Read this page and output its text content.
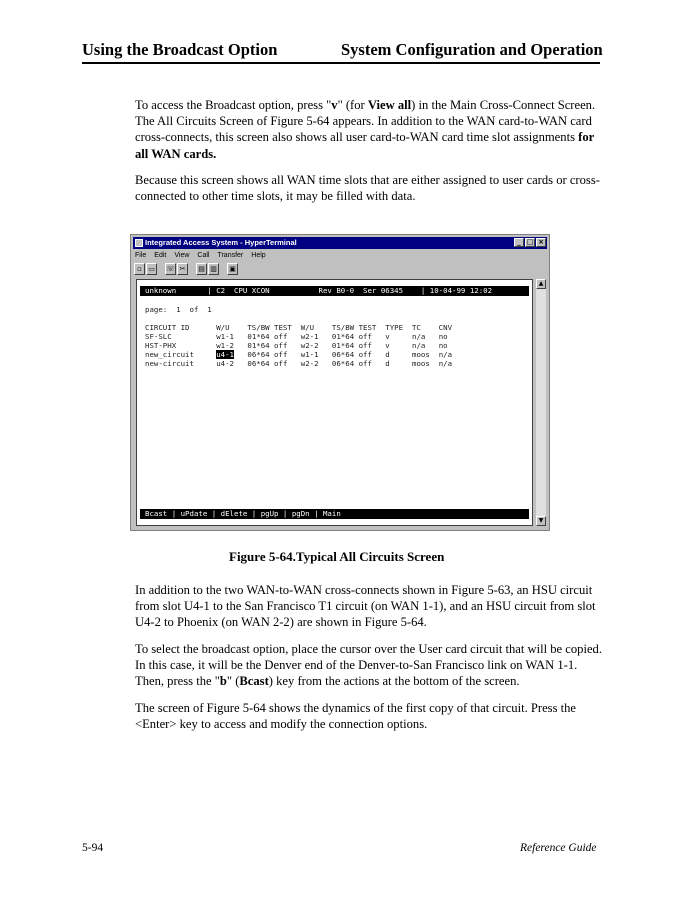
Using the Broadcast Option	System Configuration and Operation

To access the Broadcast option, press "v" (for View all) in the Main Cross-Connect Screen. The All Circuits Screen of Figure 5-64 appears. In addition to the WAN card-to-WAN card cross-connects, this screen also shows all user card-to-WAN card time slot assignments for all WAN cards.

Because this screen shows all WAN time slots that are either assigned to user cards or cross-connected to other time slots, it may be filled with data.

Integrated Access System - HyperTerminal	_ □ ×
File Edit View Call Transfer Help
▫ ▭	☏ ✂	▤ ▥	▣
unknown       | C2  CPU XCON           Rev B0-0  Ser 06345    | 10-04-99 12:02
page:  1  of  1
CIRCUIT ID      W/U    TS/BW TEST  W/U    TS/BW TEST  TYPE  TC    CNV
SF-SLC          w1-1   01*64 off   w2-1   01*64 off   v     n/a   no
HST-PHX         w1-2   01*64 off   w2-2   01*64 off   v     n/a   no
new_circuit     u4-1   06*64 off   w1-1   06*64 off   d     moos  n/a
new-circuit     u4-2   06*64 off   w2-2   06*64 off   d     moos  n/a
Bcast | uPdate | dElete | pgUp | pgDn | Main
▲
▼
Figure 5-64.Typical All Circuits Screen

In addition to the two WAN-to-WAN cross-connects shown in Figure 5-63, an HSU circuit from slot U4-1 to the San Francisco T1 circuit (on WAN 1-1), and an HSU circuit from slot U4-2 to Phoenix (on WAN 2-2) are shown in Figure 5-64.

To select the broadcast option, place the cursor over the User card circuit that will be copied. In this case, it will be the Denver end of the Denver-to-San Francisco link on WAN 1-1. Then, press the "b" (Bcast) key from the actions at the bottom of the screen.

The screen of Figure 5-64 shows the dynamics of the first copy of that circuit. Press the <Enter> key to access and modify the connection options.

5-94	Reference Guide
